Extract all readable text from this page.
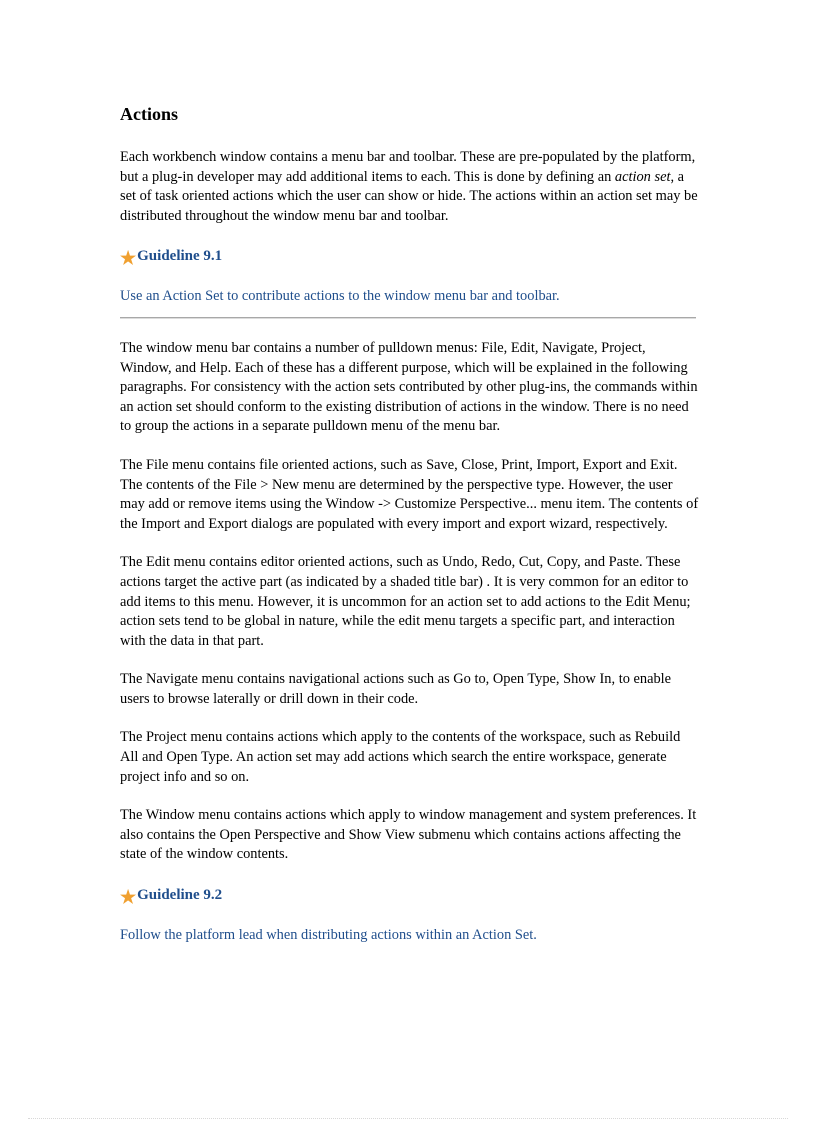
Actions

Each workbench window contains a menu bar and toolbar. These are pre-populated by the platform, but a plug-in developer may add additional items to each. This is done by defining an action set, a set of task oriented actions which the user can show or hide. The actions within an action set may be distributed throughout the window menu bar and toolbar.

★ Guideline 9.1

Use an Action Set to contribute actions to the window menu bar and toolbar.

The window menu bar contains a number of pulldown menus: File, Edit, Navigate, Project, Window, and Help. Each of these has a different purpose, which will be explained in the following paragraphs. For consistency with the action sets contributed by other plug-ins, the commands within an action set should conform to the existing distribution of actions in the window. There is no need to group the actions in a separate pulldown menu of the menu bar.

The File menu contains file oriented actions, such as Save, Close, Print, Import, Export and Exit. The contents of the File > New menu are determined by the perspective type. However, the user may add or remove items using the Window -> Customize Perspective... menu item. The contents of the Import and Export dialogs are populated with every import and export wizard, respectively.

The Edit menu contains editor oriented actions, such as Undo, Redo, Cut, Copy, and Paste. These actions target the active part (as indicated by a shaded title bar) . It is very common for an editor to add items to this menu. However, it is uncommon for an action set to add actions to the Edit Menu; action sets tend to be global in nature, while the edit menu targets a specific part, and interaction with the data in that part.

The Navigate menu contains navigational actions such as Go to, Open Type, Show In, to enable users to browse laterally or drill down in their code.

The Project menu contains actions which apply to the contents of the workspace, such as Rebuild All and Open Type. An action set may add actions which search the entire workspace, generate project info and so on.

The Window menu contains actions which apply to window management and system preferences. It also contains the Open Perspective and Show View submenu which contains actions affecting the state of the window contents.

★ Guideline 9.2

Follow the platform lead when distributing actions within an Action Set.
